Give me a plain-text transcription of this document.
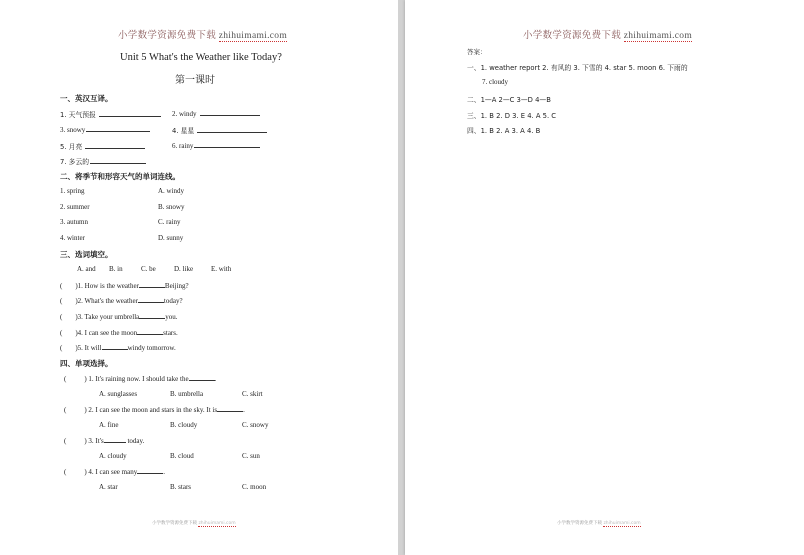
小学数学资源免费下载 zhihuimami.com
Unit 5 What's the Weather like Today?
第一课时
一、英汉互译。
1. 天气预报	2. windy
3. snowy	4. 星星
5. 月亮	6. rainy
7. 多云的
二、将季节和形容天气的单词连线。
1. spring	A. windy
2. summer	B. snowy
3. autumn	C. rainy
4. winter	D. sunny
三、选词填空。
A. and B. in	C. be	D. like	E. with
( )1. How is the weather	Beijing?
( )2. What's the weather	today?
( )3. Take your umbrella	you.
( )4. I can see the moon	stars.
( )5. It will	windy tomorrow.
四、单项选择。
(	) 1. It's raining now. I should take the	.
A. sunglasses	B. umbrella	C. skirt
(	) 2. I can see the moon and stars in the sky. It is	.
A. fine	B. cloudy	C. snowy
(	) 3. It's	today.
A. cloudy	B. cloud	C. sun
(	) 4. I can see many	.
A. star	B. stars	C. moon
小学数学资源免费下载 zhihuimami.com
小学数学资源免费下载 zhihuimami.com
答案：
一、1. weather report 2. 有风的 3. 下雪的 4. star 5. moon 6. 下雨的
7. cloudy
二、1—A 2—C 3—D 4—B
三、1. B 2. D 3. E 4. A 5. C
四、1. B 2. A 3. A 4. B
小学数学资源免费下载 zhihuimami.com
